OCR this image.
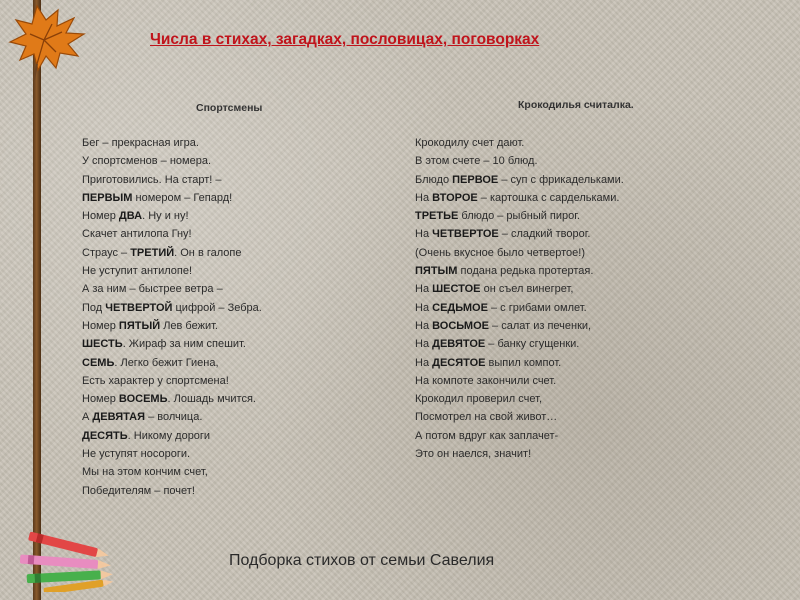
Числа в стихах, загадках, пословицах, поговорках
Спортсмены	Крокодилья считалка.
Бег – прекрасная игра.
У спортсменов – номера.
Приготовились. На старт! –
ПЕРВЫМ номером – Гепард!
Номер ДВА. Ну и ну!
Скачет антилопа Гну!
Страус – ТРЕТИЙ. Он в галопе
Не уступит антилопе!
А за ним – быстрее ветра –
Под ЧЕТВЕРТОЙ цифрой – Зебра.
Номер ПЯТЫЙ Лев бежит.
ШЕСТЬ. Жираф за ним спешит.
СЕМЬ. Легко бежит Гиена,
Есть характер у спортсмена!
Номер ВОСЕМЬ. Лошадь мчится.
А ДЕВЯТАЯ – волчица.
ДЕСЯТЬ. Никому дороги
Не уступят носороги.
Мы на этом кончим счет,
Победителям – почет!
Крокодилу счет дают.
В этом счете – 10 блюд.
Блюдо ПЕРВОЕ – суп с фрикадельками.
На ВТОРОЕ – картошка с сардельками.
ТРЕТЬЕ блюдо – рыбный пирог.
На ЧЕТВЕРТОЕ – сладкий творог.
(Очень вкусное было четвертое!)
ПЯТЫМ подана редька протертая.
На ШЕСТОЕ он съел винегрет,
На СЕДЬМОЕ – с грибами омлет.
На ВОСЬМОЕ – салат из печенки,
На ДЕВЯТОЕ – банку сгущенки.
На ДЕСЯТОЕ выпил компот.
На компоте закончили счет.
Крокодил проверил счет,
Посмотрел на свой живот…
А потом вдруг как заплачет-
Это он наелся, значит!
Подборка стихов от семьи Савелия
